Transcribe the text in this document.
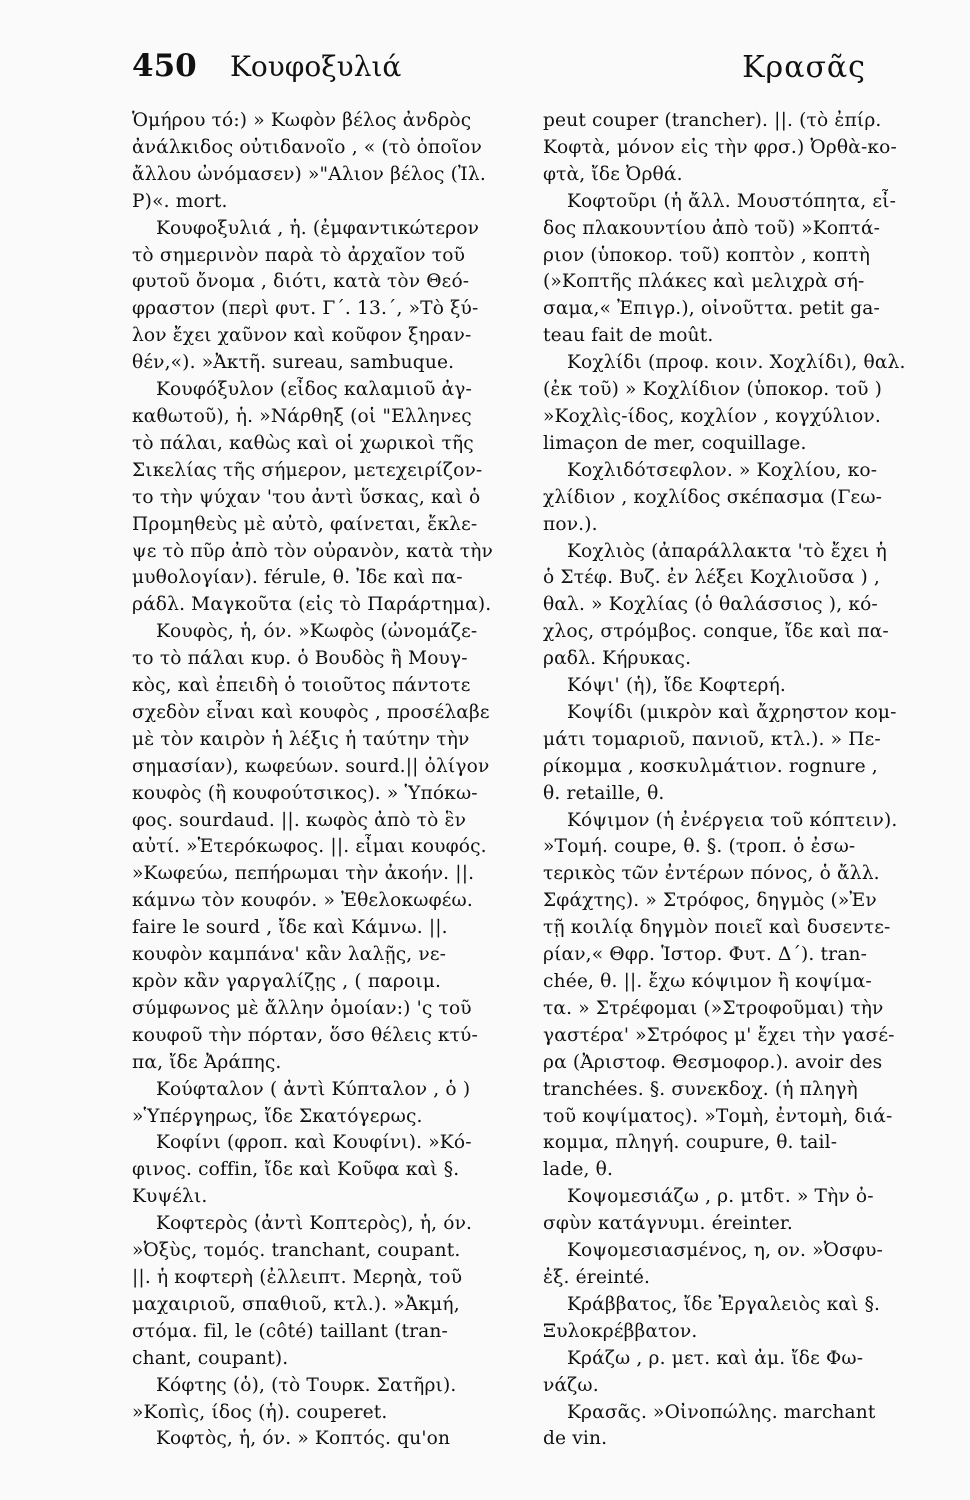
450 Κουφοξυλιά	Κρασᾶς
Ὁμήρου τό:) » Κωφὸν βέλος ἀνδρὸς
ἀνάλκιδος οὐτιδανοῖο , « (τὸ ὁποῖον
ἄλλου ὠνόμασεν) »"Αλιον βέλος (Ἰλ.
Ρ)«. mort.
Κουφοξυλιά , ἡ. (ἐμφαντικώτερον
τὸ σημερινὸν παρὰ τὸ ἀρχαῖον τοῦ
φυτοῦ ὄνομα , διότι, κατὰ τὸν Θεό-
φραστον (περὶ φυτ. Γ΄. 13.΄, »Τὸ ξύ-
λον ἔχει χαῦνον καὶ κοῦφον ξηραν-
θέν,«). »Ἀκτῆ. sureau, sambuque.
Κουφόξυλον (εἶδος καλαμιοῦ ἀγ-
καθωτοῦ), ἡ. »Νάρθηξ (οἱ "Ελληνες
τὸ πάλαι, καθὼς καὶ οἱ χωρικοὶ τῆς
Σικελίας τῆς σήμερον, μετεχειρίζον-
το τὴν ψύχαν 'του ἀντὶ ὕσκας, καὶ ὁ
Προμηθεὺς μὲ αὐτὸ, φαίνεται, ἔκλε-
ψε τὸ πῦρ ἀπὸ τὸν οὐρανὸν, κατὰ τὴν
μυθολογίαν). férule, θ. Ἰδε καὶ πα-
ράδλ. Μαγκοῦτα (εἰς τὸ Παράρτημα).
Κουφὸς, ἡ, όν. »Κωφὸς (ὠνομάζε-
το τὸ πάλαι κυρ. ὁ Βουδὸς ἢ Μουγ-
κὸς, καὶ ἐπειδὴ ὁ τοιοῦτος πάντοτε
σχεδὸν εἶναι καὶ κουφὸς , προσέλαβε
μὲ τὸν καιρὸν ἡ λέξις ἡ ταύτην τὴν
σημασίαν), κωφεύων. sourd.|| ὀλίγον
κουφὸς (ἢ κουφούτσικος). » Ὑπόκω-
φος. sourdaud. ||. κωφὸς ἀπὸ τὸ ἓν
αὐτί. »Ἑτερόκωφος. ||. εἶμαι κουφός.
»Κωφεύω, πεπήρωμαι τὴν ἀκοήν. ||.
κάμνω τὸν κουφόν. » Ἐθελοκωφέω.
faire le sourd , ἴδε καὶ Κάμνω. ||.
κουφὸν καμπάνα' κἂν λαλῇς, νε-
κρὸν κἂν γαργαλίζῃς , ( παροιμ.
σύμφωνος μὲ ἄλλην ὁμοίαν:) 'ς τοῦ
κουφοῦ τὴν πόρταν, ὅσο θέλεις κτύ-
πα, ἴδε Ἀράπης.
Κούφταλον ( ἀντὶ Κύπταλον , ὁ )
»Ὑπέργηρως, ἴδε Σκατόγερως.
Κοφίνι (φροπ. καὶ Κουφίνι). »Κό-
φινος. coffin, ἴδε καὶ Κοῦφα καὶ §.
Κυψέλι.
Κοφτερὸς (ἀντὶ Κοπτερὸς), ἡ, όν.
»Ὀξὺς, τομός. tranchant, coupant.
||. ἡ κοφτερὴ (ἐλλειπτ. Μερηὰ, τοῦ
μαχαιριοῦ, σπαθιοῦ, κτλ.). »Ἀκμή,
στόμα. fil, le (côté) taillant (tran-
chant, coupant).
Κόφτης (ὁ), (τὸ Τουρκ. Σατῆρι).
»Κοπὶς, ίδος (ἡ). couperet.
Κοφτὸς, ἡ, όν. » Κοπτός. qu'on
peut couper (trancher). ||. (τὸ ἐπίρ.
Κοφτὰ, μόνον εἰς τὴν φρσ.) Ὀρθὰ-κο-
φτὰ, ἴδε Ὀρθά.
Κοφτοῦρι (ἡ ἄλλ. Μουστόπητα, εἶ-
δος πλακουντίου ἀπὸ τοῦ) »Κοπτά-
ριον (ὑποκορ. τοῦ) κοπτὸν , κοπτὴ
(»Κοπτῆς πλάκες καὶ μελιχρὰ σή-
σαμα,« Ἐπιγρ.), οἰνοῦττα. petit ga-
teau fait de moût.
Κοχλίδι (προφ. κοιν. Χοχλίδι), θαλ.
(ἐκ τοῦ) » Κοχλίδιον (ὑποκορ. τοῦ )
»Κοχλὶς-ίδος, κοχλίον , κογχύλιον.
limaçon de mer, coquillage.
Κοχλιδότσεφλον. » Κοχλίου, κο-
χλίδιον , κοχλίδος σκέπασμα (Γεω-
πον.).
Κοχλιὸς (ἀπαράλλακτα 'τὸ ἔχει ἡ
ὁ Στέφ. Βυζ. ἐν λέξει Κοχλιοῦσα ) ,
θαλ. » Κοχλίας (ὁ θαλάσσιος ), κό-
χλος, στρόμβος. conque, ἴδε καὶ πα-
ραδλ. Κήρυκας.
Κόψι' (ἡ), ἴδε Κοφτερή.
Κοψίδι (μικρὸν καὶ ἄχρηστον κομ-
μάτι τομαριοῦ, πανιοῦ, κτλ.). » Πε-
ρίκομμα , κοσκυλμάτιον. rognure ,
θ. retaille, θ.
Κόψιμον (ἡ ἐνέργεια τοῦ κόπτειν).
»Τομή. coupe, θ. §. (τροπ. ὁ ἐσω-
τερικὸς τῶν ἐντέρων πόνος, ὁ ἄλλ.
Σφάχτης). » Στρόφος, δηγμὸς (»Ἐν
τῇ κοιλίᾳ δηγμὸν ποιεῖ καὶ δυσεντε-
ρίαν,« Θφρ. Ἱστορ. Φυτ. Δ΄). tran-
chée, θ. ||. ἔχω κόψιμον ἢ κοψίμα-
τα. » Στρέφομαι (»Στροφοῦμαι) τὴν
γαστέρα' »Στρόφος μ' ἔχει τὴν γασέ-
ρα (Ἀριστοφ. Θεσμοφορ.). avoir des
tranchées. §. συνεκδοχ. (ἡ πληγὴ
τοῦ κοψίματος). »Τομὴ, ἐντομὴ, διά-
κομμα, πληγή. coupure, θ. tail-
lade, θ.
Κοψομεσιάζω , ρ. μτδτ. » Τὴν ὀ-
σφὺν κατάγνυμι. éreinter.
Κοψομεσιασμένος, η, ον. »Ὀσφυ-
ἐξ. éreinté.
Κράββατος, ἴδε Ἐργαλειὸς καὶ §.
Ξυλοκρέββατον.
Κράζω , ρ. μετ. καὶ ἀμ. ἴδε Φω-
νάζω.
Κρασᾶς. »Οἰνοπώλης. marchant
de vin.
